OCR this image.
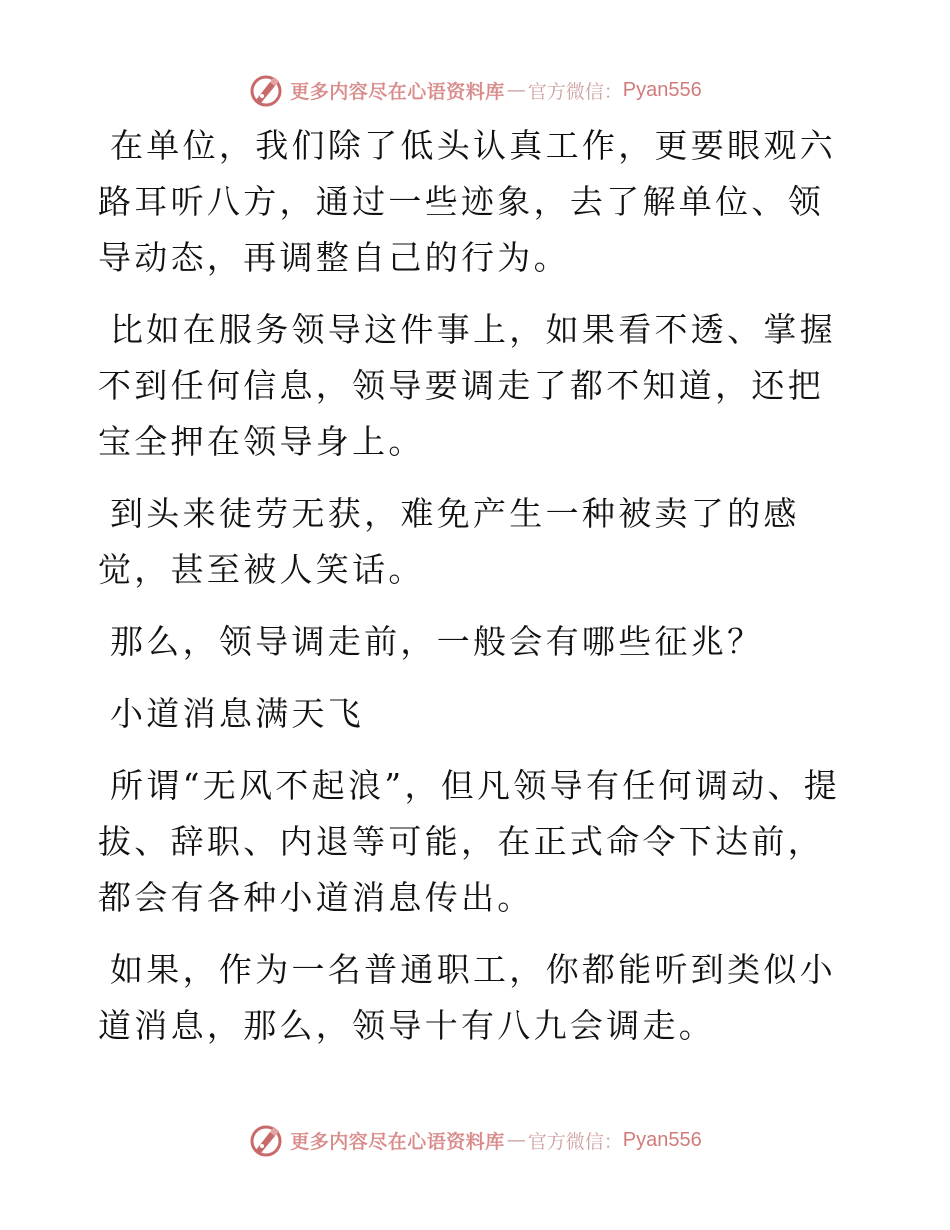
更多内容尽在心语资料库 — 官方微信： Pyan556

在单位，我们除了低头认真工作，更要眼观六路耳听八方，通过一些迹象，去了解单位、领导动态，再调整自己的行为。

比如在服务领导这件事上，如果看不透、掌握不到任何信息，领导要调走了都不知道，还把宝全押在领导身上。

到头来徒劳无获，难免产生一种被卖了的感觉，甚至被人笑话。

那么，领导调走前，一般会有哪些征兆？

小道消息满天飞

所谓“无风不起浪”，但凡领导有任何调动、提拔、辞职、内退等可能，在正式命令下达前，都会有各种小道消息传出。

如果，作为一名普通职工，你都能听到类似小道消息，那么，领导十有八九会调走。

更多内容尽在心语资料库 — 官方微信： Pyan556
